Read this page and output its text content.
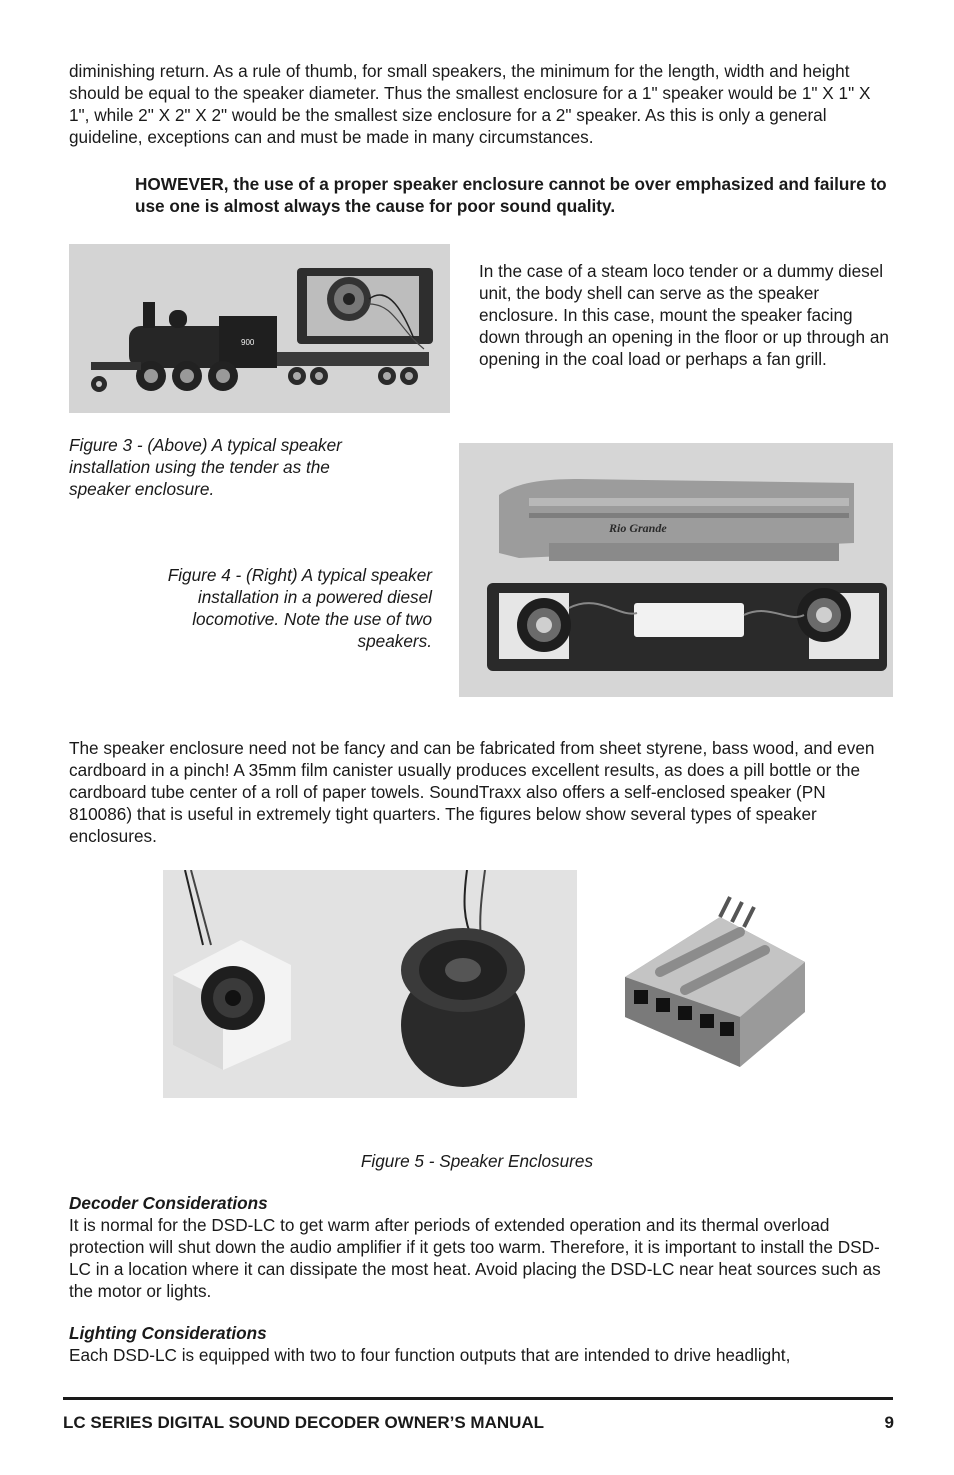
diminishing return. As a rule of thumb, for small speakers, the minimum for the length, width and height should be equal to the speaker diameter. Thus the smallest enclosure for a 1" speaker would be 1" X 1" X 1", while 2" X 2" X 2" would be the smallest size enclosure for a 2" speaker. As this is only a general guideline, exceptions can and must be made in many circumstances.
HOWEVER, the use of a proper speaker enclosure cannot be over emphasized and failure to use one is almost always the cause for poor sound quality.
900
In the case of a steam loco tender or a dummy diesel unit, the body shell can serve as the speaker enclosure. In this case, mount the speaker facing down through an opening in the floor or up through an opening in the coal load or perhaps a fan grill.
Figure 3 - (Above) A typical speaker installation using the tender as the speaker enclosure.
Figure 4 - (Right) A typical speaker installation in a powered diesel locomotive. Note the use of two speakers.
Rio Grande
The speaker enclosure need not be fancy and can be fabricated from sheet styrene, bass wood, and even cardboard in a pinch! A 35mm film canister usually produces excellent results, as does a pill bottle or the cardboard tube center of a roll of paper towels. SoundTraxx also offers a self-enclosed speaker (PN 810086) that is useful in extremely tight quarters. The figures below show several types of speaker enclosures.
Figure 5 - Speaker Enclosures
Decoder Considerations
It is normal for the DSD-LC to get warm after periods of extended operation and its thermal overload protection will shut down the audio amplifier if it gets too warm. Therefore, it is important to install the DSD-LC in a location where it can dissipate the most heat. Avoid placing the DSD-LC near heat sources such as the motor or lights.
Lighting Considerations
Each DSD-LC is equipped with two to four function outputs that are intended to drive headlight,
LC SERIES DIGITAL SOUND DECODER OWNER’S MANUAL	9
